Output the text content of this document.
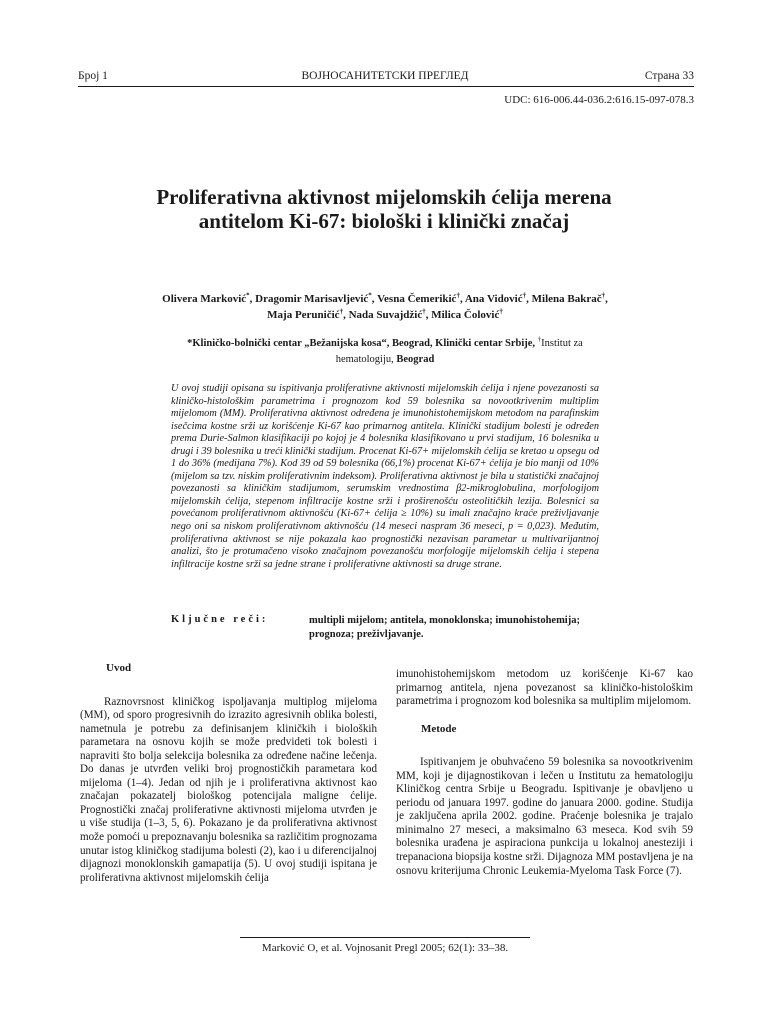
Број 1	ВОЈНОСАНИТЕТСКИ ПРЕГЛЕД	Страна 33
UDC: 616-006.44-036.2:616.15-097-078.3
Proliferativna aktivnost mijelomskih ćelija merena antitelom Ki-67: biološki i klinički značaj
Olivera Marković*, Dragomir Marisavljević*, Vesna Čemerikić†, Ana Vidović†, Milena Bakrač†, Maja Peruničić†, Nada Suvajdžić†, Milica Čolović†
*Kliničko-bolnički centar „Bežanijska kosa“, Beograd, Klinički centar Srbije, †Institut za hematologiju, Beograd
U ovoj studiji opisana su ispitivanja proliferativne aktivnosti mijelomskih ćelija i njene povezanosti sa kliničko-histološkim parametrima i prognozom kod 59 bolesnika sa novootkrivenim multiplim mijelomom (MM). Proliferativna aktivnost određena je imunohistohemijskom metodom na parafinskim isečcima kostne srži uz korišćenje Ki-67 kao primarnog antitela. Klinički stadijum bolesti je određen prema Durie-Salmon klasifikaciji po kojoj je 4 bolesnika klasifikovano u prvi stadijum, 16 bolesnika u drugi i 39 bolesnika u treći klinički stadijum. Procenat Ki-67+ mijelomskih ćelija se kretao u opsegu od 1 do 36% (medijana 7%). Kod 39 od 59 bolesnika (66,1%) procenat Ki-67+ ćelija je bio manji od 10% (mijelom sa tzv. niskim proliferativnim indeksom). Proliferativna aktivnost je bila u statistički značajnoj povezanosti sa kliničkim stadijumom, serumskim vrednostima β2-mikroglobulina, morfologijom mijelomskih ćelija, stepenom infiltracije kostne srži i proširenošću osteolitičkih lezija. Bolesnici sa povećanom proliferativnom aktivnošću (Ki-67+ ćelija ≥ 10%) su imali značajno kraće preživljavanje nego oni sa niskom proliferativnom aktivnošću (14 meseci naspram 36 meseci, p = 0,023). Međutim, proliferativna aktivnost se nije pokazala kao prognostički nezavisan parametar u multivarijantnoj analizi, što je protumačeno visoko značajnom povezanošću morfologije mijelomskih ćelija i stepena infiltracije kostne srži sa jedne strane i proliferativne aktivnosti sa druge strane.
Ključne reči:	multipli mijelom; antitela, monoklonska; imunohistohemija; prognoza; preživljavanje.

Uvod

Raznovrsnost kliničkog ispoljavanja multiplog mijeloma (MM), od sporo progresivnih do izrazito agresivnih oblika bolesti, nametnula je potrebu za definisanjem kliničkih i bioloških parametara na osnovu kojih se može predvideti tok bolesti i napraviti što bolja selekcija bolesnika za određene načine lečenja. Do danas je utvrđen veliki broj prognostičkih parametara kod mijeloma (1–4). Jedan od njih je i proliferativna aktivnost kao značajan pokazatelj biološkog potencijala maligne ćelije. Prognostički značaj proliferativne aktivnosti mijeloma utvrđen je u više studija (1–3, 5, 6). Pokazano je da proliferativna aktivnost može pomoći u prepoznavanju bolesnika sa različitim prognozama unutar istog kliničkog stadijuma bolesti (2), kao i u diferencijalnoj dijagnozi monoklonskih gamapatija (5). U ovoj studiji ispitana je proliferativna aktivnost mijelomskih ćelija

imunohistohemijskom metodom uz korišćenje Ki-67 kao primarnog antitela, njena povezanost sa kliničko-histološkim parametrima i prognozom kod bolesnika sa multiplim mijelomom.

Metode

Ispitivanjem je obuhvaćeno 59 bolesnika sa novootkrivenim MM, koji je dijagnostikovan i lečen u Institutu za hematologiju Kliničkog centra Srbije u Beogradu. Ispitivanje je obavljeno u periodu od januara 1997. godine do januara 2000. godine. Studija je zaključena aprila 2002. godine. Praćenje bolesnika je trajalo minimalno 27 meseci, a maksimalno 63 meseca. Kod svih 59 bolesnika urađena je aspiraciona punkcija u lokalnoj anesteziji i trepanaciona biopsija kostne srži. Dijagnoza MM postavljena je na osnovu kriterijuma Chronic Leukemia-Myeloma Task Force (7).

Marković O, et al. Vojnosanit Pregl 2005; 62(1): 33–38.
